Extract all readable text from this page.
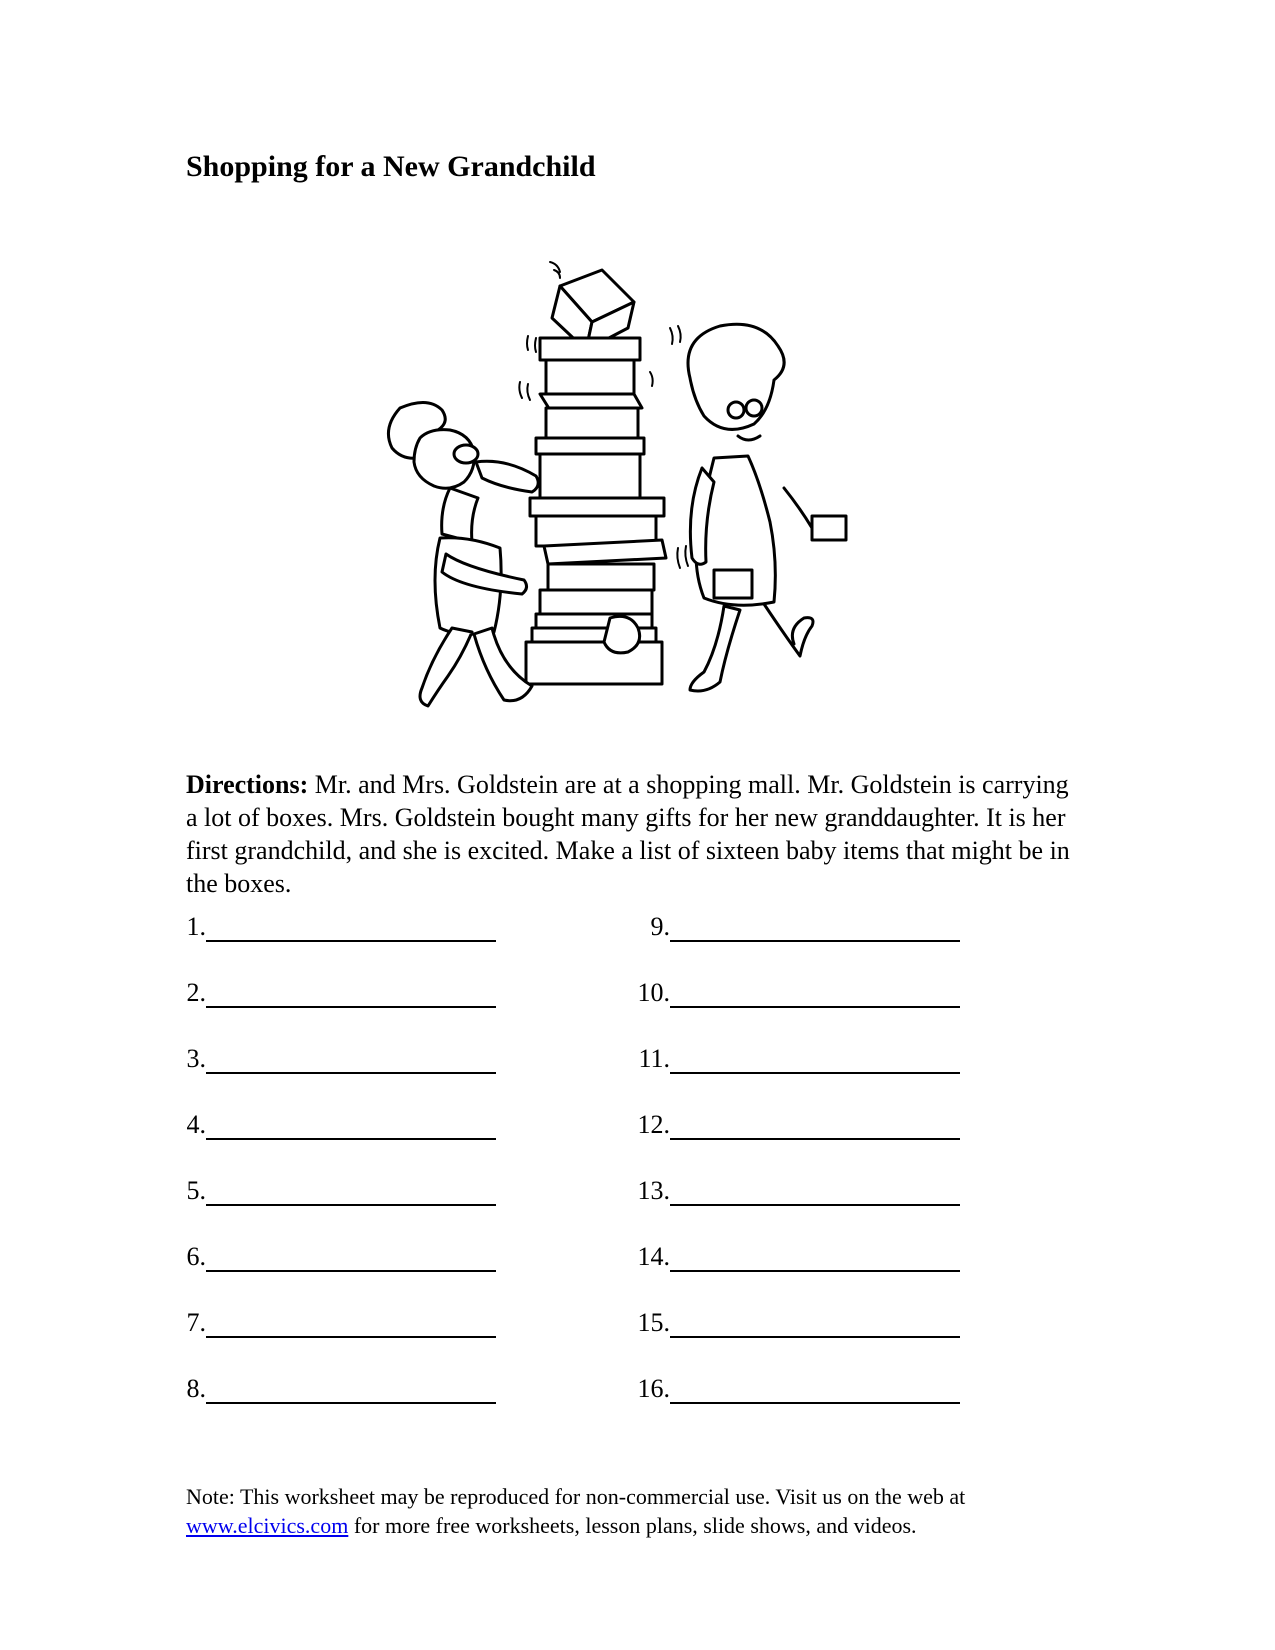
Shopping for a New Grandchild

Directions: Mr. and Mrs. Goldstein are at a shopping mall. Mr. Goldstein is carrying a lot of boxes. Mrs. Goldstein bought many gifts for her new granddaughter. It is her first grandchild, and she is excited. Make a list of sixteen baby items that might be in the boxes.

1.
2.
3.
4.
5.
6.
7.
8.
9.
10.
11.
12.
13.
14.
15.
16.

Note: This worksheet may be reproduced for non-commercial use. Visit us on the web at www.elcivics.com for more free worksheets, lesson plans, slide shows, and videos.
